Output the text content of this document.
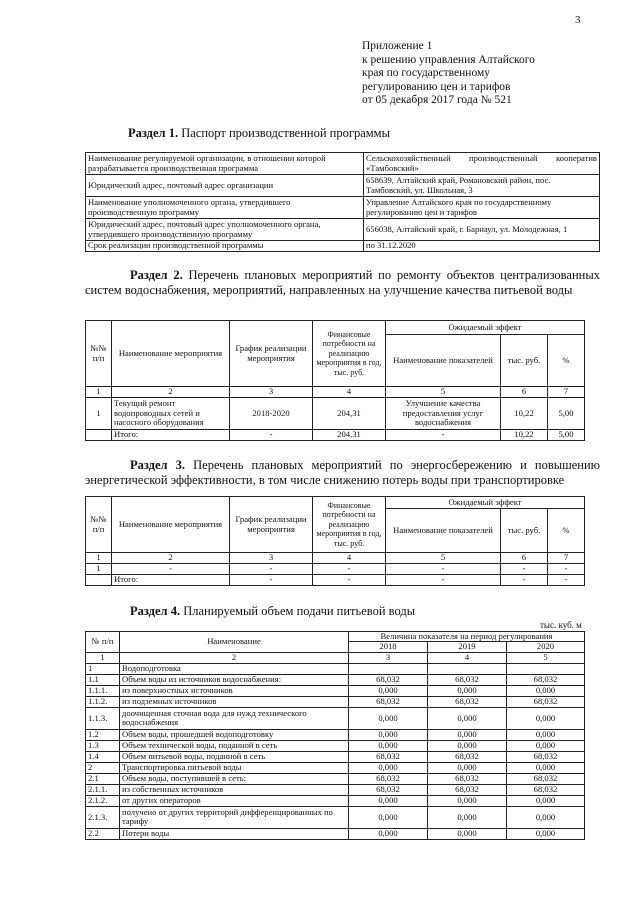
3
Приложение 1
к решению управления Алтайского
края по государственному
регулированию цен и тарифов
от 05 декабря 2017 года № 521
Раздел 1. Паспорт производственной программы
Наименование регулируемой организации, в отношении которой разрабатывается производственная программа	Сельскохозяйственный производственный кооператив «Тамбовский»
Юридический адрес, почтовый адрес организации	658639, Алтайский край, Романовский район, пос. Тамбовский, ул. Школьная, 3
Наименование уполномоченного органа, утвердившего производственную программу	Управление Алтайского края по государственному регулированию цен и тарифов
Юридический адрес, почтовый адрес уполномоченного органа, утвердившего производственную программу	656038, Алтайский край, г. Барнаул, ул. Молодежная, 1
Срок реализации производственной программы	по 31.12.2020
Раздел 2. Перечень плановых мероприятий по ремонту объектов централизованных систем водоснабжения, мероприятий, направленных на улучшение качества питьевой воды
№№ п/п	Наименование мероприятия	График реализации мероприятия	Финансовые потребности на реализацию мероприятия в год, тыс. руб.	Ожидаемый эффект		
				Наименование показателей	тыс. руб.	%
1	2	3	4	5	6	7
1	Текущий ремонт водопроводных сетей и насосного оборудования	2018-2020	204,31	Улучшение качества предоставления услуг водоснабжения	10,22	5,00
	Итого:	-	204,31	-	10,22	5,00
Раздел 3. Перечень плановых мероприятий по энергосбережению и повышению энергетической эффективности, в том числе снижению потерь воды при транспортировке
№№ п/п	Наименование мероприятия	График реализации мероприятия	Финансовые потребности на реализацию мероприятия в год, тыс. руб.	Ожидаемый эффект		
				Наименование показателей	тыс. руб.	%
1	2	3	4	5	6	7
1	-	-	-	-	-	-
	Итого:	-	-	-	-	-
Раздел 4. Планируемый объем подачи питьевой воды
тыс. куб. м
№ п/п	Наименование	Величина показателя на период регулирования		
		2018	2019	2020
1	2	3	4	5
1	Водоподготовка			
1.1	Объем воды из источников водоснабжения:	68,032	68,032	68,032
1.1.1.	из поверхностных источников	0,000	0,000	0,000
1.1.2.	из подземных источников	68,032	68,032	68,032
1.1.3.	доочищенная сточная вода для нужд технического водоснабжения	0,000	0,000	0,000
1.2	Объем воды, прошедшей водоподготовку	0,000	0,000	0,000
1.3	Объем технической воды, поданной в сеть	0,000	0,000	0,000
1.4	Объем питьевой воды, поданной в сеть	68,032	68,032	68,032
2	Транспортировка питьевой воды	0,000	0,000	0,000
2.1	Объем воды, поступившей в сеть:	68,032	68,032	68,032
2.1.1.	из собственных источников	68,032	68,032	68,032
2.1.2.	от других операторов	0,000	0,000	0,000
2.1.3.	получено от других территорий дифференцированных по тарифу	0,000	0,000	0,000
2.2	Потери воды	0,000	0,000	0,000
